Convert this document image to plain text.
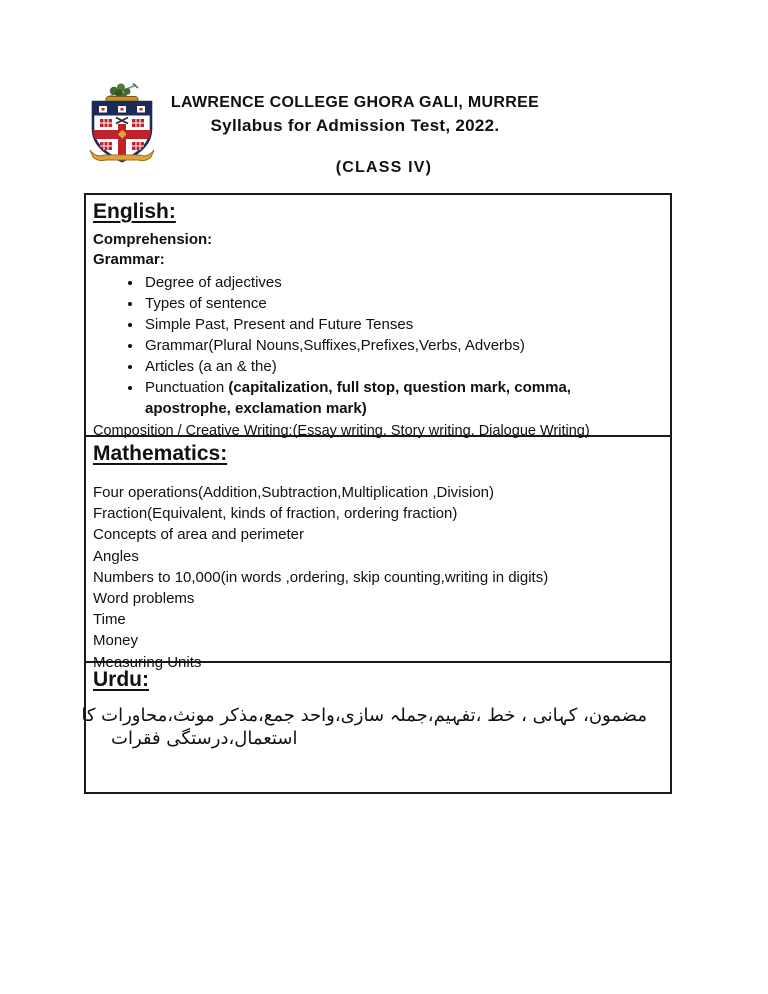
LAWRENCE COLLEGE GHORA GALI, MURREE
Syllabus for Admission Test, 2022.
(CLASS IV)
English:
Comprehension:
Grammar:
• Degree of adjectives
• Types of sentence
• Simple Past, Present and Future Tenses
• Grammar(Plural Nouns,Suffixes,Prefixes,Verbs, Adverbs)
• Articles (a an & the)
• Punctuation (capitalization, full stop, question mark, comma, apostrophe, exclamation mark)
Composition / Creative Writing:(Essay writing, Story writing, Dialogue Writing)
Mathematics:
Four operations(Addition,Subtraction,Multiplication ,Division)
Fraction(Equivalent, kinds of fraction, ordering fraction)
Concepts of area and perimeter
Angles
Numbers to 10,000(in words ,ordering, skip counting,writing in digits)
Word problems
Time
Money
Measuring Units
Urdu:
مضمون، کہانی ، خط ،تفہیم،جملہ سازی،واحد جمع،مذکر مونث،محاورات کا
استعمال،درستگی فقرات
